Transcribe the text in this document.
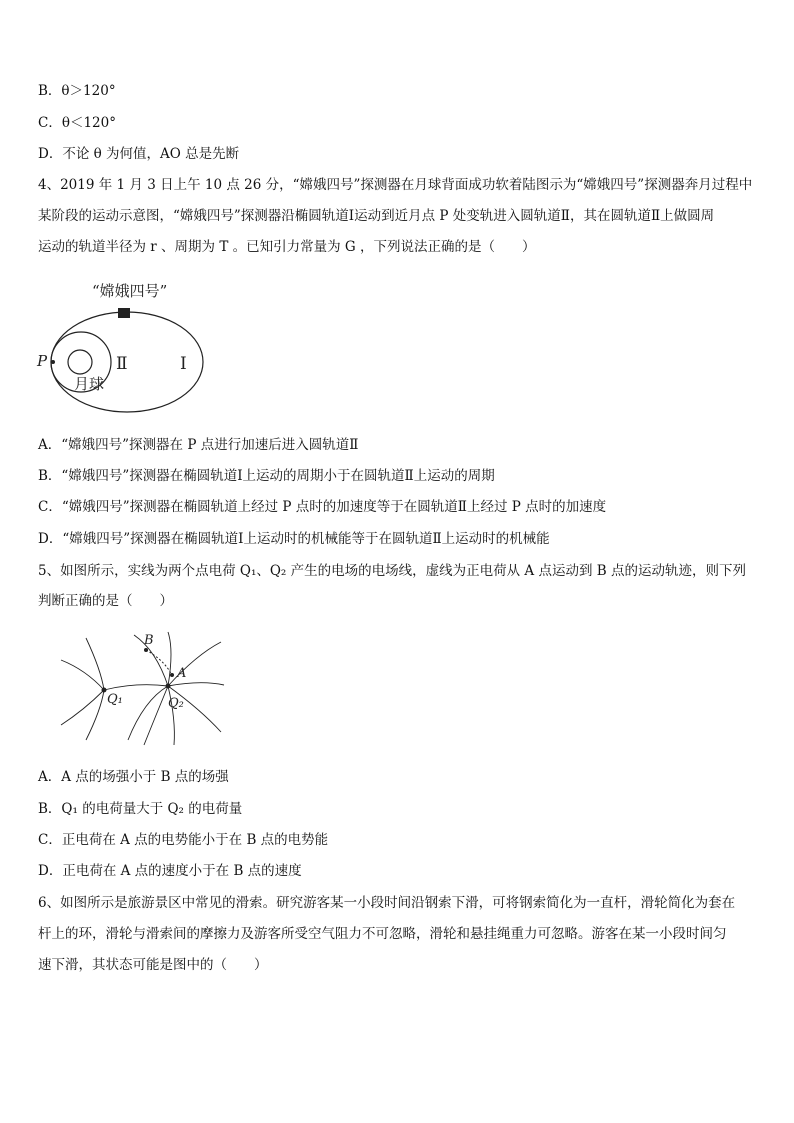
B．θ＞120°
C．θ＜120°
D．不论 θ 为何值，AO 总是先断
4、2019 年 1 月 3 日上午 10 点 26 分，“嫦娥四号”探测器在月球背面成功软着陆图示为“嫦娥四号”探测器奔月过程中
某阶段的运动示意图，“嫦娥四号”探测器沿椭圆轨道Ⅰ运动到近月点 P 处变轨进入圆轨道Ⅱ，其在圆轨道Ⅱ上做圆周
运动的轨道半径为 r 、周期为 T 。已知引力常量为 G ，下列说法正确的是（　　）
“嫦娥四号”
P	Ⅱ	Ⅰ
月球
A．“嫦娥四号”探测器在 P 点进行加速后进入圆轨道Ⅱ
B．“嫦娥四号”探测器在椭圆轨道Ⅰ上运动的周期小于在圆轨道Ⅱ上运动的周期
C．“嫦娥四号”探测器在椭圆轨道上经过 P 点时的加速度等于在圆轨道Ⅱ上经过 P 点时的加速度
D．“嫦娥四号”探测器在椭圆轨道Ⅰ上运动时的机械能等于在圆轨道Ⅱ上运动时的机械能
5、如图所示，实线为两个点电荷 Q₁、Q₂ 产生的电场的电场线，虚线为正电荷从 A 点运动到 B 点的运动轨迹，则下列
判断正确的是（　　）
B
A
Q₁	Q₂
A．A 点的场强小于 B 点的场强
B．Q₁ 的电荷量大于 Q₂ 的电荷量
C．正电荷在 A 点的电势能小于在 B 点的电势能
D．正电荷在 A 点的速度小于在 B 点的速度
6、如图所示是旅游景区中常见的滑索。研究游客某一小段时间沿钢索下滑，可将钢索简化为一直杆，滑轮简化为套在
杆上的环，滑轮与滑索间的摩擦力及游客所受空气阻力不可忽略，滑轮和悬挂绳重力可忽略。游客在某一小段时间匀
速下滑，其状态可能是图中的（　　）
